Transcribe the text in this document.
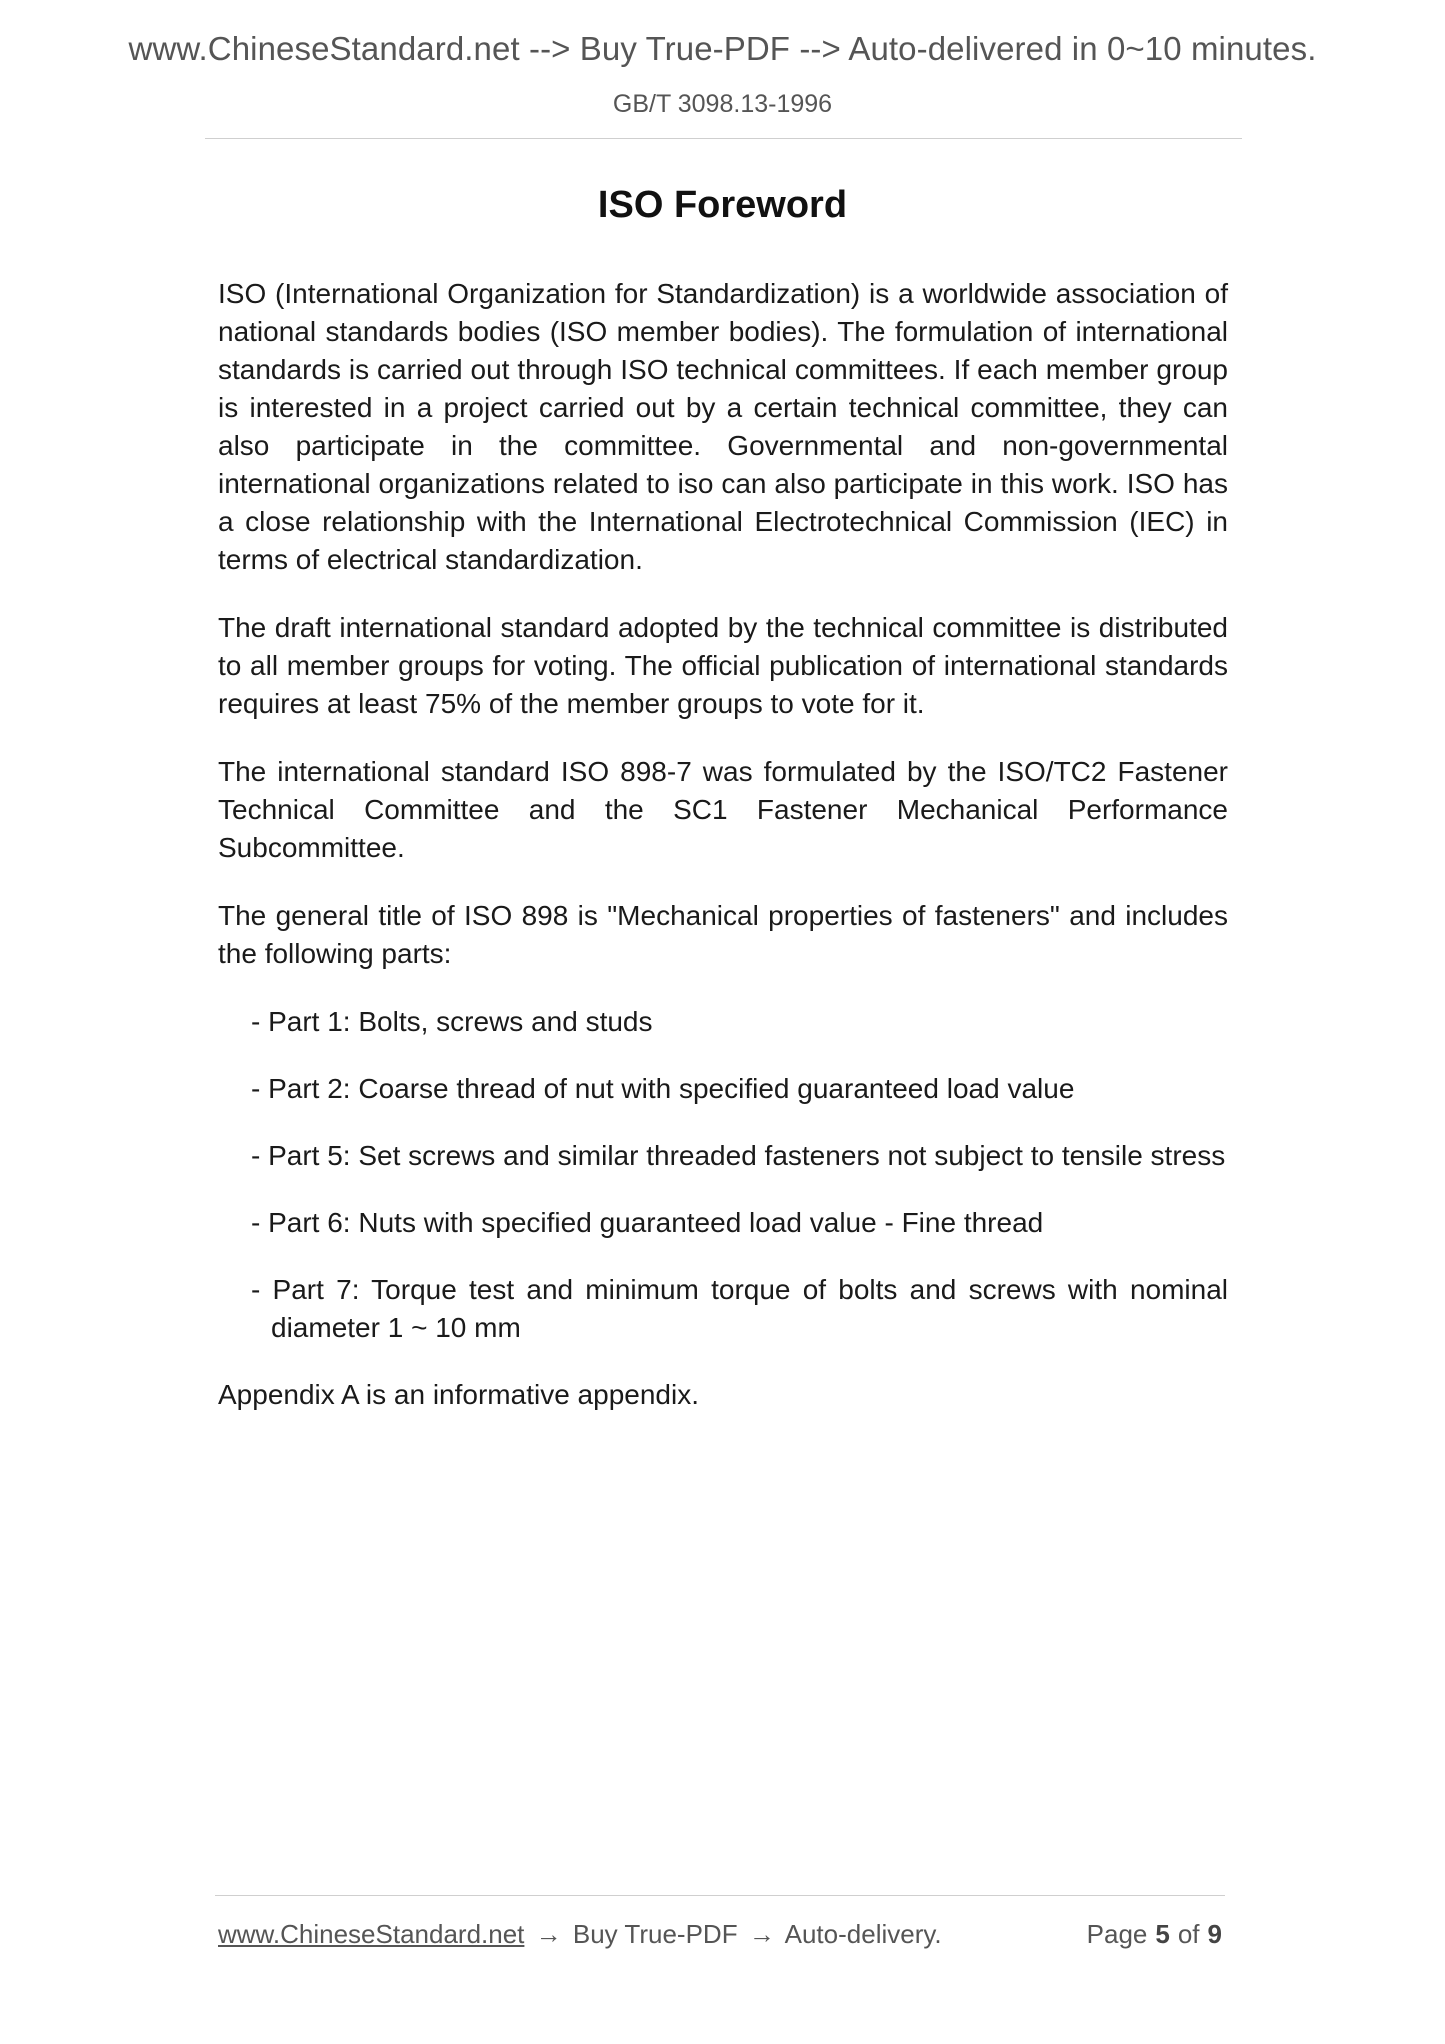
www.ChineseStandard.net --> Buy True-PDF --> Auto-delivered in 0~10 minutes.
GB/T 3098.13-1996
ISO Foreword

ISO (International Organization for Standardization) is a worldwide association of national standards bodies (ISO member bodies). The formulation of international standards is carried out through ISO technical committees. If each member group is interested in a project carried out by a certain technical committee, they can also participate in the committee. Governmental and non-governmental international organizations related to iso can also participate in this work. ISO has a close relationship with the International Electrotechnical Commission (IEC) in terms of electrical standardization.

The draft international standard adopted by the technical committee is distributed to all member groups for voting. The official publication of international standards requires at least 75% of the member groups to vote for it.

The international standard ISO 898-7 was formulated by the ISO/TC2 Fastener Technical Committee and the SC1 Fastener Mechanical Performance Subcommittee.

The general title of ISO 898 is "Mechanical properties of fasteners" and includes the following parts:

- Part 1: Bolts, screws and studs
- Part 2: Coarse thread of nut with specified guaranteed load value
- Part 5: Set screws and similar threaded fasteners not subject to tensile stress
- Part 6: Nuts with specified guaranteed load value - Fine thread
- Part 7: Torque test and minimum torque of bolts and screws with nominal diameter 1 ~ 10 mm

Appendix A is an informative appendix.

www.ChineseStandard.net → Buy True-PDF → Auto-delivery.	Page 5 of 9
